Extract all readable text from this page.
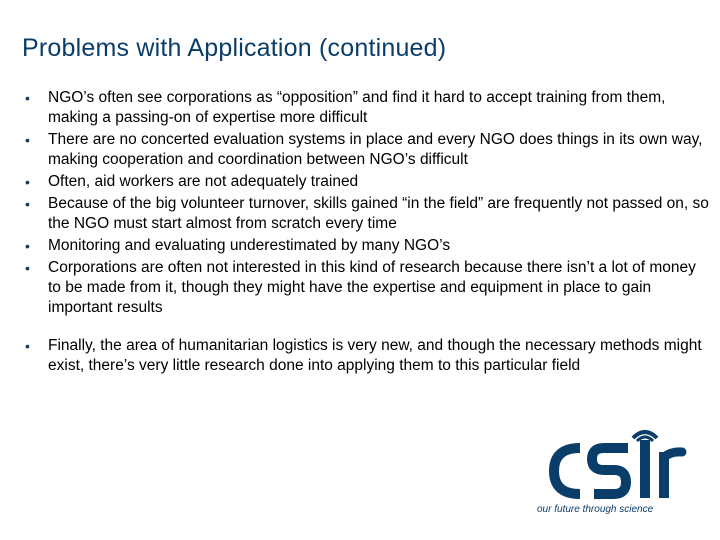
Problems with Application (continued)
• NGO’s often see corporations as “opposition” and find it hard to accept training from them, making a passing-on of expertise more difficult
• There are no concerted evaluation systems in place and every NGO does things in its own way, making cooperation and coordination between NGO’s difficult
• Often, aid workers are not adequately trained
• Because of the big volunteer turnover, skills gained “in the field” are frequently not passed on, so the NGO must start almost from scratch every time
• Monitoring and evaluating underestimated by many NGO’s
• Corporations are often not interested in this kind of research because there isn’t a lot of money to be made from it, though they might have the expertise and equipment in place to gain important results
• Finally, the area of humanitarian logistics is very new, and though the necessary methods might exist, there’s very little research done into applying them to this particular field
our future through science
